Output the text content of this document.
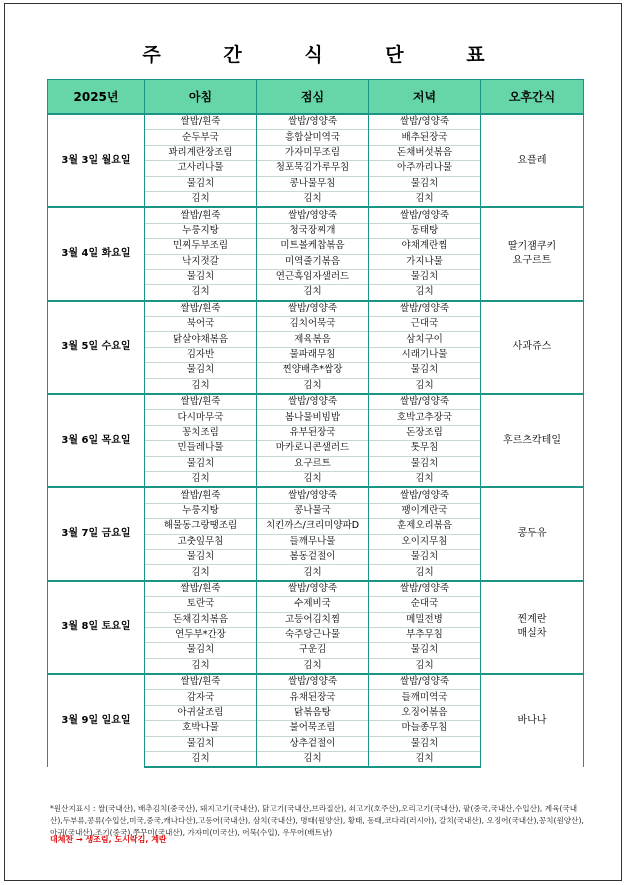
주 간 식 단 표
2025년	아침	점심	저녁	오후간식
3월 3일 월요일	쌀밥/흰죽	쌀밥/영양죽	쌀밥/영양죽	요플레

	순두부국	흥합살미역국	배추된장국	
	꽈리계란장조림	가자미무조림	돈채버섯볶음	
	고사리나물	청포묵김가루무침	아주까리나물	
	물김치	콩나물무침	물김치	
	김치	김치	김치	
3월 4일 화요일	쌀밥/흰죽	쌀밥/영양죽	쌀밥/영양죽	딸기잼쿠키
요구르트

	누룽지탕	청국장찌개	동태탕	
	민찌두부조림	미트볼케찹볶음	야채계란찜	
	낙지젓갈	미역줄기볶음	가지나물	
	물김치	연근흑임자샐러드	물김치	
	김치	김치	김치	
3월 5일 수요일	쌀밥/흰죽	쌀밥/영양죽	쌀밥/영양죽	사과쥬스

	북어국	김치어묵국	근대국	
	닭살야채볶음	제육볶음	삼치구이	
	김자반	물파래무침	시래기나물	
	물김치	찐양배추*쌈장	물김치	
	김치	김치	김치	
3월 6일 목요일	쌀밥/흰죽	쌀밥/영양죽	쌀밥/영양죽	후르츠칵테일

	다시마무국	봄나물비빔밥	호박고추장국	
	꽁치조림	유부된장국	돈장조림	
	민들레나물	마카로니콘샐러드	톳무침	
	물김치	요구르트	물김치	
	김치	김치	김치	
3월 7일 금요일	쌀밥/흰죽	쌀밥/영양죽	쌀밥/영양죽	콩두유

	누룽지탕	콩나물국	팽이계란국	
	해물동그랑땡조림	치킨까스/크리미양파D	훈제오리볶음	
	고춧잎무침	들깨무나물	오이지무침	
	물김치	봄동겉절이	물김치	
	김치	김치	김치	
3월 8일 토요일	쌀밥/흰죽	쌀밥/영양죽	쌀밥/영양죽	찐계란
매실차

	토란국	수제비국	순대국	
	돈채김치볶음	고등어김치찜	메밀전병	
	연두부*간장	숙주당근나물	부추무침	
	물김치	구운김	물김치	
	김치	김치	김치	
3월 9일 일요일	쌀밥/흰죽	쌀밥/영양죽	쌀밥/영양죽	바나나

	감자국	유채된장국	들깨미역국	
	아귀살조림	닭볶음탕	오징어볶음	
	호박나물	불어묵조림	마늘종무침	
	물김치	상추겉절이	물김치	
	김치	김치	김치	
*원산지표시 : 쌀(국내산), 배추김치(중국산), 돼지고기(국내산), 닭고기(국내산,브라질산), 쇠고기(호주산),오리고기(국내산), 팥(중국,국내산,수입산), 계육(국내산),두부류,콩류(수입산,미국,중국,캐나다산),고등어(국내산), 삼치(국내산), 명태(원양산), 황태, 동태,코다리(러시아), 갈치(국내산), 오징어(국내산),꽁치(원양산),아귀(국내산),조기(중국),쭈꾸미(국내산), 가자미(미국산), 어묵(수입), 우무어(배트남)
대체찬 → 생조림, 도시락김, 계란
